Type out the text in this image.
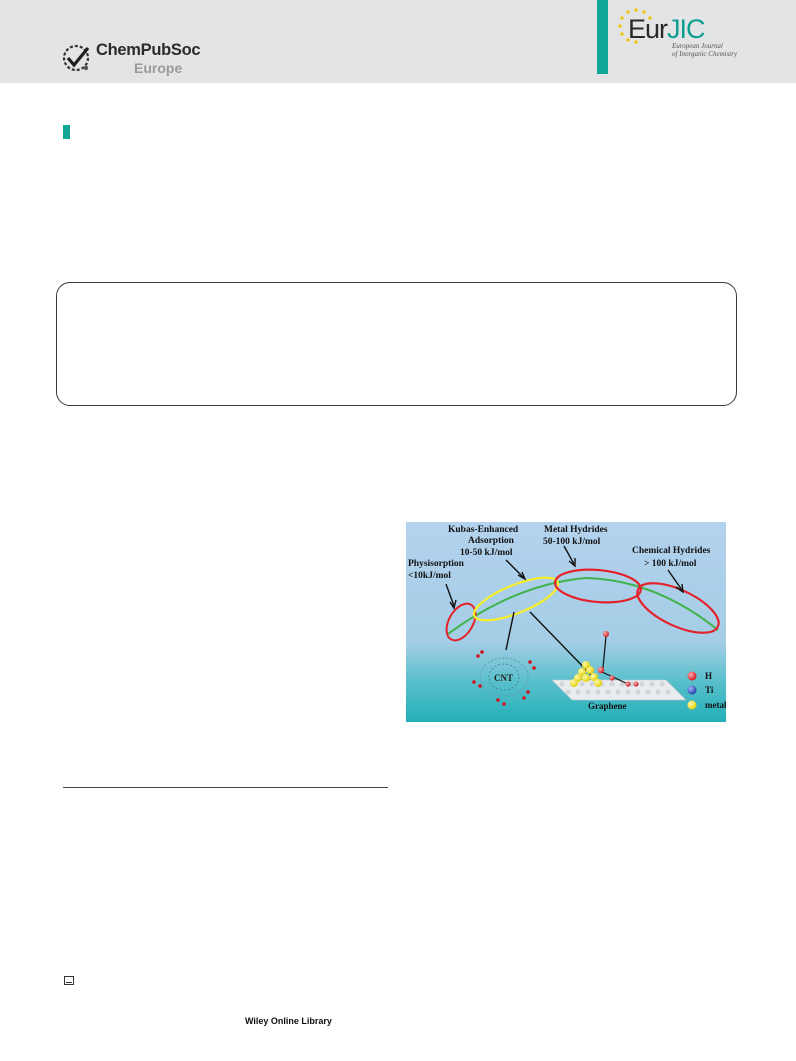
ChemPubSoc
Europe
EurJIC
European Journal
of Inorganic Chemistry
Physisorption
<10kJ/mol
Kubas-Enhanced
Adsorption
10-50 kJ/mol
Metal Hydrides
50-100 kJ/mol
Chemical Hydrides
> 100 kJ/mol
CNT
Graphene
H
Ti
metal
Wiley Online Library
